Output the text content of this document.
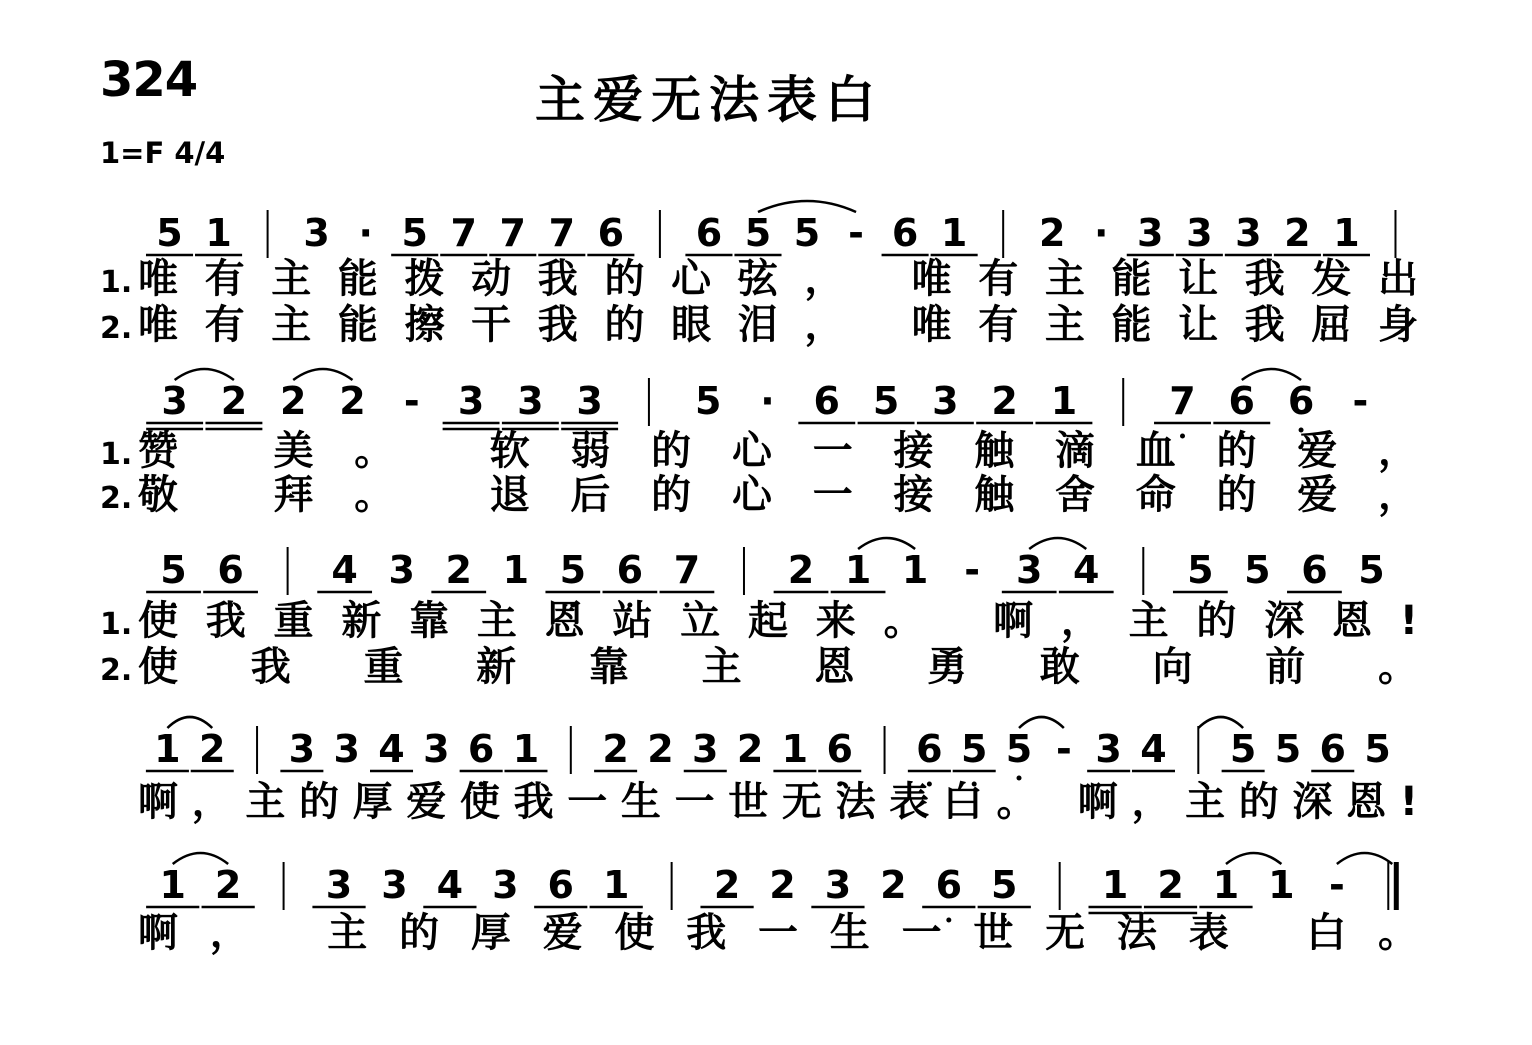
324	主爱无法表白
1=F 4/4
5 1 3 · 5 7 7 7 6 6 5 5 - 6 1 2 · 3 3 3 2 1
1. 唯有主能拨动我的心弦， 唯有主能让我发出
2. 唯有主能擦干我的眼泪， 唯有主能让我屈身
3 2 2 2 - 3 3 3 5 · 6 5 3 2 1 7 6 6 -
1. 赞 美。 软弱的心一接触滴血的爱，
2. 敬 拜。 退后的心一接触舍命的爱，
5 6 4 3 2 1 5 6 7 2 1 1 - 3 4 5 5 6 5
1. 使我重新靠主恩站立起来。 啊，主的深恩!
2. 使我重新靠主恩勇敢向前。
1 2 3 3 4 3 6 1 2 2 3 2 1 6 6 5 5 - 3 4 5 5 6 5
啊，主的厚爱使我一生一世无法表白。 啊，主的深恩!
1 2 3 3 4 3 6 1 2 2 3 2 6 5 1 2 1 1 -
啊， 主的厚爱使我一生一世无法表 白。
